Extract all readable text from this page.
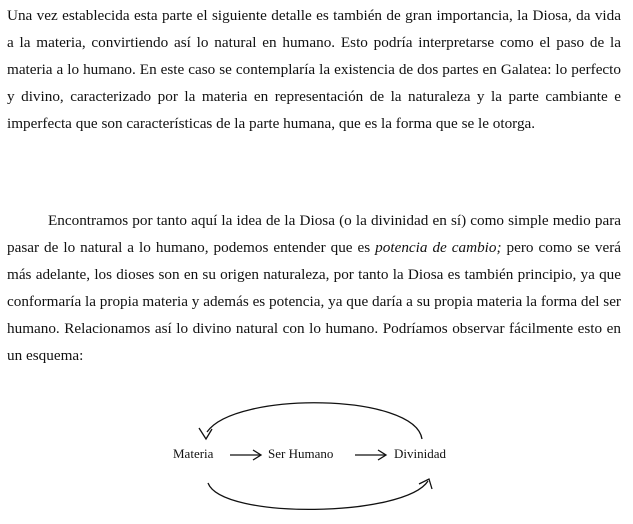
Una vez establecida esta parte el siguiente detalle es también de gran importancia, la Diosa, da vida a la materia, convirtiendo así lo natural en humano. Esto podría interpretarse como el paso de la materia a lo humano. En este caso se contemplaría la existencia de dos partes en Galatea: lo perfecto y divino, caracterizado por la materia en representación de la naturaleza y la parte cambiante e imperfecta que son características de la parte humana, que es la forma que se le otorga.

Encontramos por tanto aquí la idea de la Diosa (o la divinidad en sí) como simple medio para pasar de lo natural a lo humano, podemos entender que es potencia de cambio; pero como se verá más adelante, los dioses son en su origen naturaleza, por tanto la Diosa es también principio, ya que conformaría la propia materia y además es potencia, ya que daría a su propia materia la forma del ser humano. Relacionamos así lo divino natural con lo humano. Podríamos observar fácilmente esto en un esquema:

Materia	Ser Humano	Divinidad
